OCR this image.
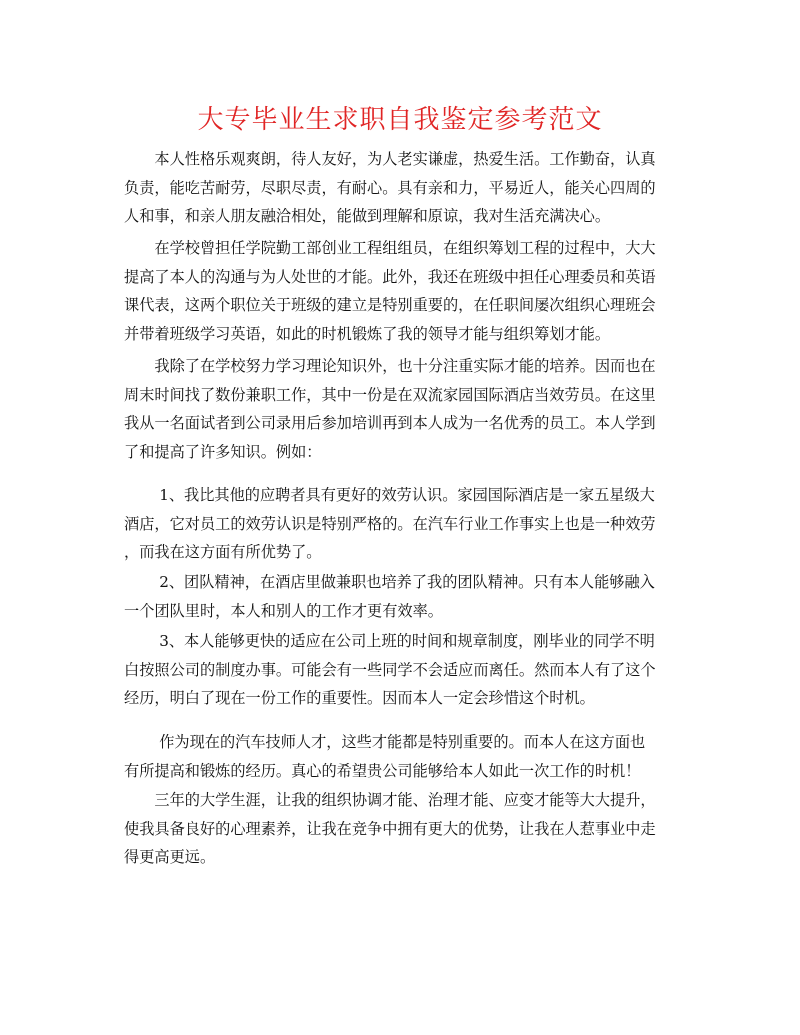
大专毕业生求职自我鉴定参考范文
　　本人性格乐观爽朗，待人友好，为人老实谦虚，热爱生活。工作勤奋，认真
负责，能吃苦耐劳，尽职尽责，有耐心。具有亲和力，平易近人，能关心四周的
人和事，和亲人朋友融洽相处，能做到理解和原谅，我对生活充满决心。
　　在学校曾担任学院勤工部创业工程组组员，在组织筹划工程的过程中，大大
提高了本人的沟通与为人处世的才能。此外，我还在班级中担任心理委员和英语
课代表，这两个职位关于班级的建立是特别重要的，在任职间屡次组织心理班会
并带着班级学习英语，如此的时机锻炼了我的领导才能与组织筹划才能。
　　我除了在学校努力学习理论知识外，也十分注重实际才能的培养。因而也在
周末时间找了数份兼职工作，其中一份是在双流家园国际酒店当效劳员。在这里
我从一名面试者到公司录用后参加培训再到本人成为一名优秀的员工。本人学到
了和提高了许多知识。例如：
　　 1、我比其他的应聘者具有更好的效劳认识。家园国际酒店是一家五星级大
酒店，它对员工的效劳认识是特别严格的。在汽车行业工作事实上也是一种效劳
，而我在这方面有所优势了。
　　 2、团队精神，在酒店里做兼职也培养了我的团队精神。只有本人能够融入
一个团队里时，本人和别人的工作才更有效率。
　　 3、本人能够更快的适应在公司上班的时间和规章制度，刚毕业的同学不明
白按照公司的制度办事。可能会有一些同学不会适应而离任。然而本人有了这个
经历，明白了现在一份工作的重要性。因而本人一定会珍惜这个时机。
　　 作为现在的汽车技师人才，这些才能都是特别重要的。而本人在这方面也
有所提高和锻炼的经历。真心的希望贵公司能够给本人如此一次工作的时机！
　　三年的大学生涯，让我的组织协调才能、治理才能、应变才能等大大提升，
使我具备良好的心理素养，让我在竞争中拥有更大的优势，让我在人惹事业中走
得更高更远。
